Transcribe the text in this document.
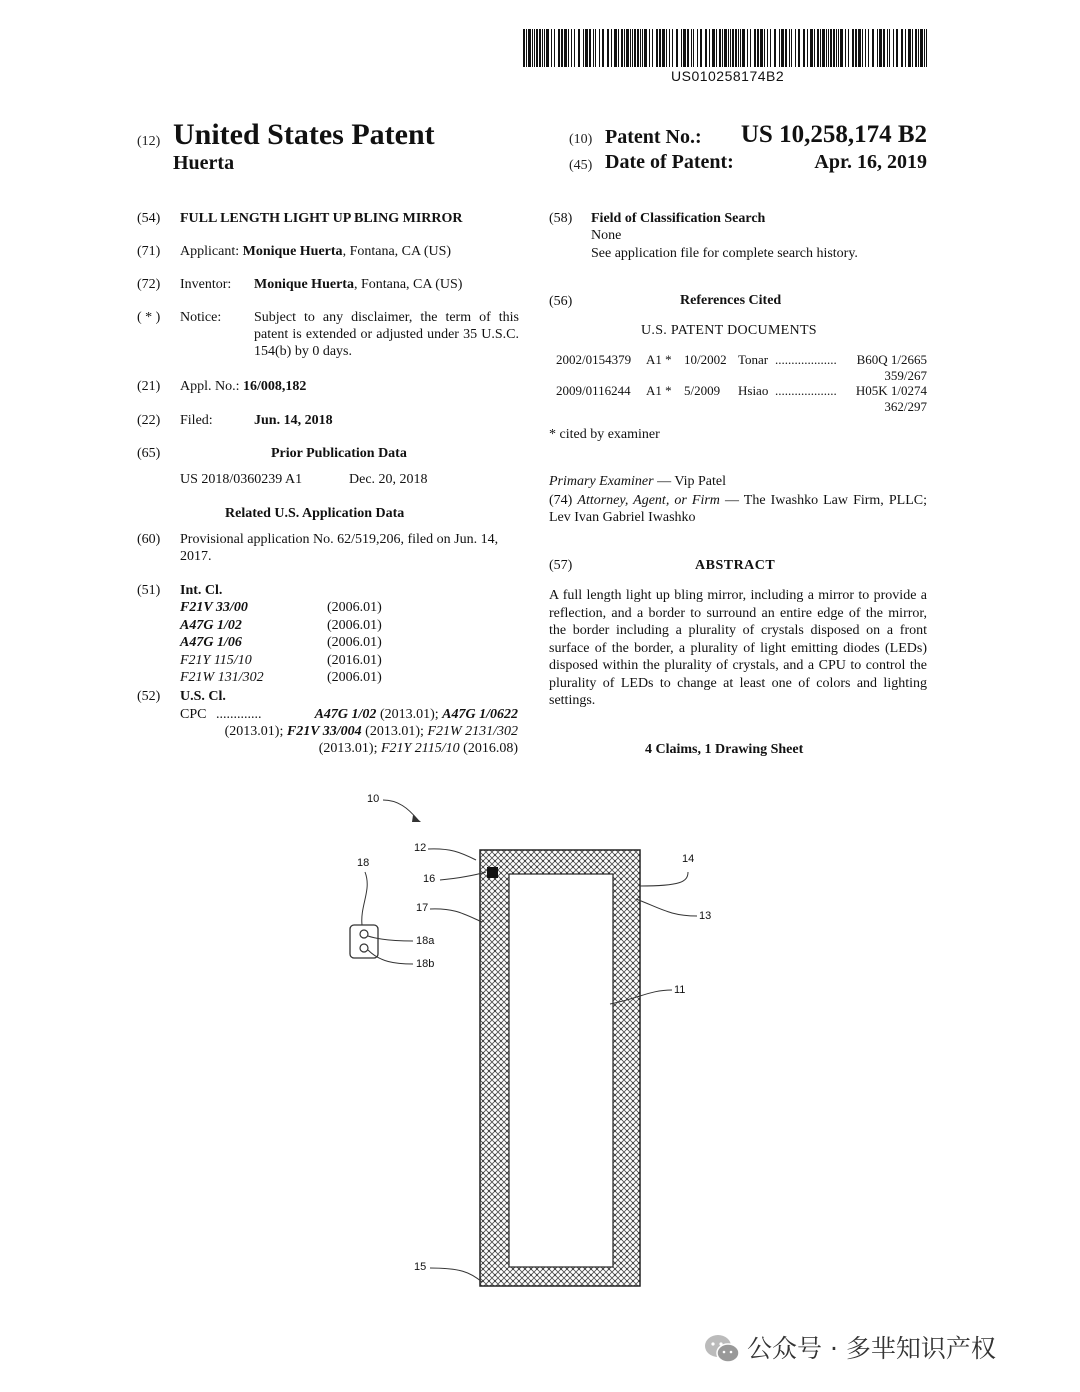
US010258174B2
(12) United States Patent
Huerta
(10) Patent No.: US 10,258,174 B2
(45) Date of Patent:	Apr. 16, 2019
(54) FULL LENGTH LIGHT UP BLING MIRROR
(71) Applicant: Monique Huerta, Fontana, CA (US)
(72) Inventor: Monique Huerta, Fontana, CA (US)
( * ) Notice: Subject to any disclaimer, the term of this patent is extended or adjusted under 35 U.S.C. 154(b) by 0 days.
(21) Appl. No.: 16/008,182
(22) Filed:	Jun. 14, 2018
(65)	Prior Publication Data
US 2018/0360239 A1	Dec. 20, 2018
Related U.S. Application Data
(60) Provisional application No. 62/519,206, filed on Jun. 14, 2017.
(51) Int. Cl.
F21V 33/00	(2006.01)
A47G 1/02	(2006.01)
A47G 1/06	(2006.01)
F21Y 115/10	(2016.01)
F21W 131/302	(2006.01)
(52) U.S. Cl.
CPC .............	A47G 1/02 (2013.01); A47G 1/0622 (2013.01); F21V 33/004 (2013.01); F21W 2131/302 (2013.01); F21Y 2115/10 (2016.08)
(58) Field of Classification Search
None
See application file for complete search history.
(56)	References Cited
U.S. PATENT DOCUMENTS
2002/0154379 A1 * 10/2002 Tonar ...................	B60Q 1/2665
359/267
2009/0116244 A1 * 5/2009 Hsiao ...................	H05K 1/0274
362/297
* cited by examiner
Primary Examiner — Vip Patel
(74) Attorney, Agent, or Firm — The Iwashko Law Firm, PLLC; Lev Ivan Gabriel Iwashko
(57)	ABSTRACT
A full length light up bling mirror, including a mirror to provide a reflection, and a border to surround an entire edge of the mirror, the border including a plurality of crystals disposed on a front surface of the border, a plurality of light emitting diodes (LEDs) disposed within the plurality of crystals, and a CPU to control the plurality of LEDs to change at least one of colors and lighting settings.
4 Claims, 1 Drawing Sheet
10
12
16
17
14
13
11
15
18
18a
18b
公众号 · 多芈知识产权
